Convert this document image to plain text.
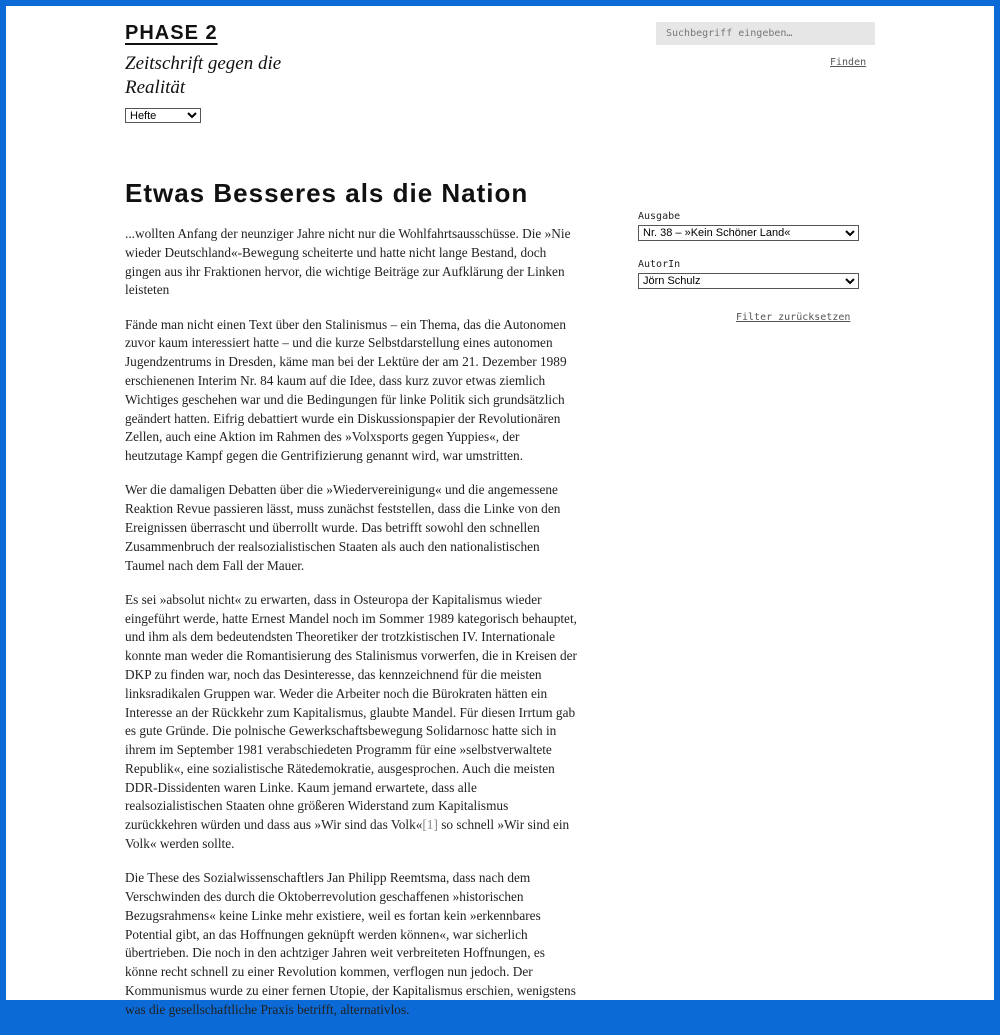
PHASE 2
Zeitschrift gegen die Realität
Hefte
Suchbegriff eingeben…
Finden
Etwas Besseres als die Nation

...wollten Anfang der neunziger Jahre nicht nur die Wohlfahrtsausschüsse. Die »Nie wieder Deutschland«-Bewegung scheiterte und hatte nicht lange Bestand, doch gingen aus ihr Fraktionen hervor, die wichtige Beiträge zur Aufklärung der Linken leisteten

Fände man nicht einen Text über den Stalinismus – ein Thema, das die Autonomen zuvor kaum interessiert hatte – und die kurze Selbstdarstellung eines autonomen Jugendzentrums in Dresden, käme man bei der Lektüre der am 21. Dezember 1989 erschienenen Interim Nr. 84 kaum auf die Idee, dass kurz zuvor etwas ziemlich Wichtiges geschehen war und die Bedingungen für linke Politik sich grundsätzlich geändert hatten. Eifrig debattiert wurde ein Diskussionspapier der Revolutionären Zellen, auch eine Aktion im Rahmen des »Volxsports gegen Yuppies«, der heutzutage Kampf gegen die Gentrifizierung genannt wird, war umstritten.

Wer die damaligen Debatten über die »Wiedervereinigung« und die angemessene Reaktion Revue passieren lässt, muss zunächst feststellen, dass die Linke von den Ereignissen überrascht und überrollt wurde. Das betrifft sowohl den schnellen Zusammenbruch der realsozialistischen Staaten als auch den nationalistischen Taumel nach dem Fall der Mauer.

Es sei »absolut nicht« zu erwarten, dass in Osteuropa der Kapitalismus wieder eingeführt werde, hatte Ernest Mandel noch im Sommer 1989 kategorisch behauptet, und ihm als dem bedeutendsten Theoretiker der trotzkistischen IV. Internationale konnte man weder die Romantisierung des Stalinismus vorwerfen, die in Kreisen der DKP zu finden war, noch das Desinteresse, das kennzeichnend für die meisten linksradikalen Gruppen war. Weder die Arbeiter noch die Bürokraten hätten ein Interesse an der Rückkehr zum Kapitalismus, glaubte Mandel. Für diesen Irrtum gab es gute Gründe. Die polnische Gewerkschaftsbewegung Solidarnosc hatte sich in ihrem im September 1981 verabschiedeten Programm für eine »selbstverwaltete Republik«, eine sozialistische Rätedemokratie, ausgesprochen. Auch die meisten DDR-Dissidenten waren Linke. Kaum jemand erwartete, dass alle realsozialistischen Staaten ohne größeren Widerstand zum Kapitalismus zurückkehren würden und dass aus »Wir sind das Volk«[1] so schnell »Wir sind ein Volk« werden sollte.

Die These des Sozialwissenschaftlers Jan Philipp Reemtsma, dass nach dem Verschwinden des durch die Oktoberrevolution geschaffenen »historischen Bezugsrahmens« keine Linke mehr existiere, weil es fortan kein »erkennbares Potential gibt, an das Hoffnungen geknüpft werden können«, war sicherlich übertrieben. Die noch in den achtziger Jahren weit verbreiteten Hoffnungen, es könne recht schnell zu einer Revolution kommen, verflogen nun jedoch. Der Kommunismus wurde zu einer fernen Utopie, der Kapitalismus erschien, wenigstens was die gesellschaftliche Praxis betrifft, alternativlos.

Ausgabe
Nr. 38 – »Kein Schöner Land«
AutorIn
Jörn Schulz
Filter zurücksetzen
